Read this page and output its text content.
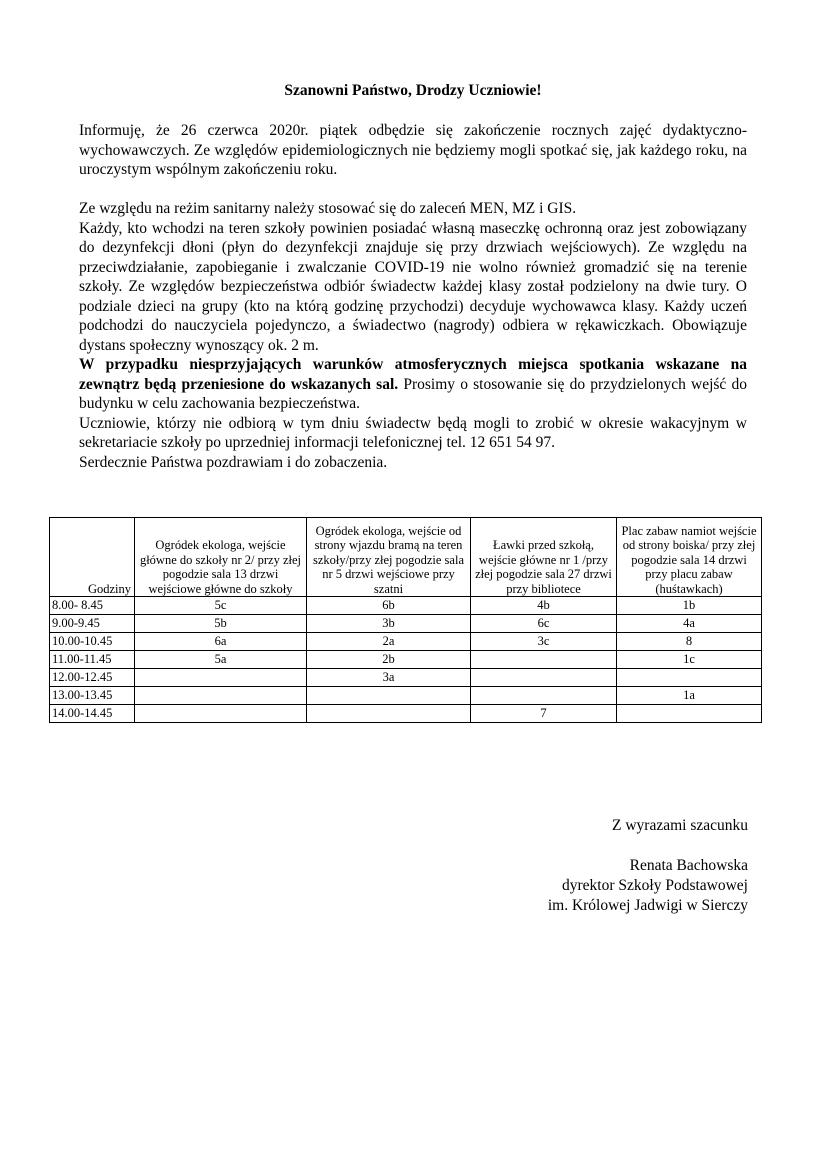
Szanowni Państwo, Drodzy Uczniowie!

Informuję, że 26 czerwca 2020r. piątek odbędzie się zakończenie rocznych zajęć dydaktyczno-wychowawczych. Ze względów epidemiologicznych nie będziemy mogli spotkać się, jak każdego roku, na uroczystym wspólnym zakończeniu roku.

Ze względu na reżim sanitarny należy stosować się do zaleceń MEN, MZ i GIS.

Każdy, kto wchodzi na teren szkoły powinien posiadać własną maseczkę ochronną oraz jest zobowiązany do dezynfekcji dłoni (płyn do dezynfekcji znajduje się przy drzwiach wejściowych). Ze względu na przeciwdziałanie, zapobieganie i zwalczanie COVID-19 nie wolno również gromadzić się na terenie szkoły. Ze względów bezpieczeństwa odbiór świadectw każdej klasy został podzielony na dwie tury. O podziale dzieci na grupy (kto na którą godzinę przychodzi) decyduje wychowawca klasy. Każdy uczeń podchodzi do nauczyciela pojedynczo, a świadectwo (nagrody) odbiera w rękawiczkach. Obowiązuje dystans społeczny wynoszący ok. 2 m.

W przypadku niesprzyjających warunków atmosferycznych miejsca spotkania wskazane na zewnątrz będą przeniesione do wskazanych sal. Prosimy o stosowanie się do przydzielonych wejść do budynku w celu zachowania bezpieczeństwa.

Uczniowie, którzy nie odbiorą w tym dniu świadectw będą mogli to zrobić w okresie wakacyjnym w sekretariacie szkoły po uprzedniej informacji telefonicznej tel. 12 651 54 97.

Serdecznie Państwa pozdrawiam i do zobaczenia.

Godziny	Ogródek ekologa, wejście główne do szkoły nr 2/ przy złej pogodzie sala 13 drzwi wejściowe główne do szkoły	Ogródek ekologa, wejście od strony wjazdu bramą na teren szkoły/przy złej pogodzie sala nr 5 drzwi wejściowe przy szatni	Ławki przed szkołą, wejście główne nr 1 /przy złej pogodzie sala 27 drzwi przy bibliotece	Plac zabaw namiot wejście od strony boiska/ przy złej pogodzie sala 14 drzwi przy placu zabaw (huśtawkach)
8.00- 8.45	5c	6b	4b	1b
9.00-9.45	5b	3b	6c	4a
10.00-10.45	6a	2a	3c	8
11.00-11.45	5a	2b		1c
12.00-12.45		3a		
13.00-13.45				1a
14.00-14.45			7	
Z wyrazami szacunku
Renata Bachowska
dyrektor Szkoły Podstawowej
im. Królowej Jadwigi w Sierczy
